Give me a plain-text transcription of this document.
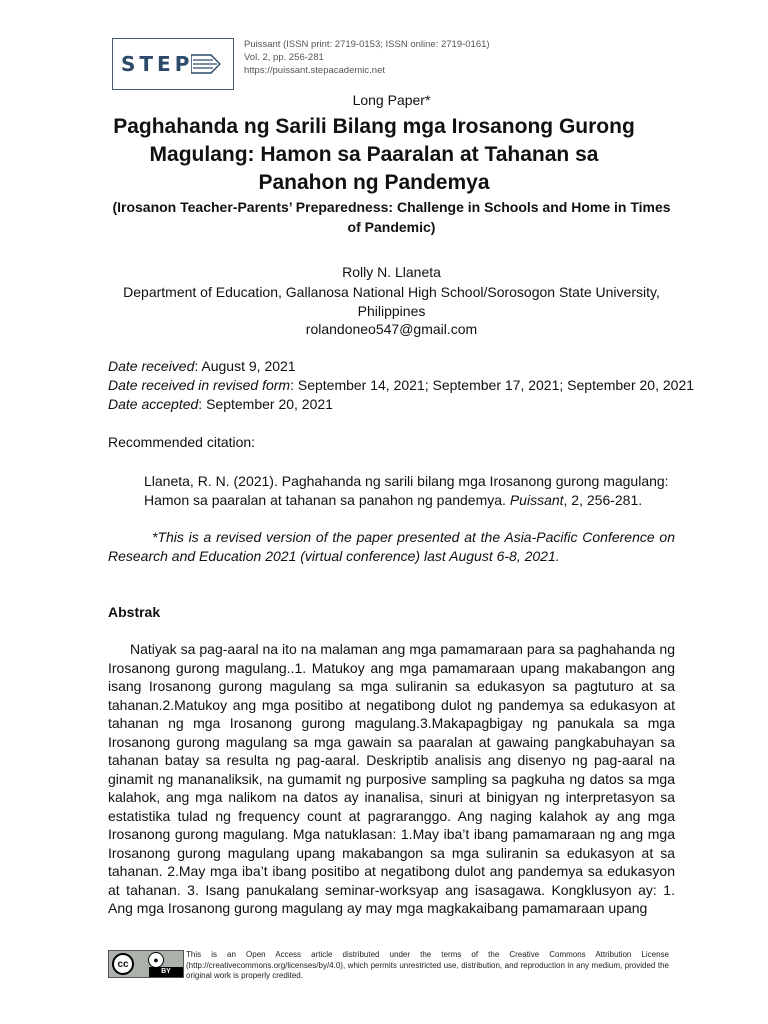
STEP
Puissant (ISSN print: 2719-0153; ISSN online: 2719-0161)
Vol. 2, pp. 256-281
https://puissant.stepacademic.net
Long Paper*
Paghahanda ng Sarili Bilang mga Irosanong Gurong Magulang: Hamon sa Paaralan at Tahanan sa Panahon ng Pandemya
(Irosanon Teacher-Parents’ Preparedness: Challenge in Schools and Home in Times of Pandemic)
Rolly N. Llaneta
Department of Education, Gallanosa National High School/Sorosogon State University, Philippines
rolandoneo547@gmail.com
Date received: August 9, 2021
Date received in revised form: September 14, 2021; September 17, 2021; September 20, 2021
Date accepted: September 20, 2021
Recommended citation:
Llaneta, R. N. (2021). Paghahanda ng sarili bilang mga Irosanong gurong magulang: Hamon sa paaralan at tahanan sa panahon ng pandemya. Puissant, 2, 256-281.
*This is a revised version of the paper presented at the Asia-Pacific Conference on Research and Education 2021 (virtual conference) last August 6-8, 2021.
Abstrak
Natiyak sa pag-aaral na ito na malaman ang mga pamamaraan para sa paghahanda ng Irosanong gurong magulang..1. Matukoy ang mga pamamaraan upang makabangon ang isang Irosanong gurong magulang sa mga suliranin sa edukasyon sa pagtuturo at sa tahanan.2.Matukoy ang mga positibo at negatibong dulot ng pandemya sa edukasyon at tahanan ng mga Irosanong gurong magulang.3.Makapagbigay ng panukala sa mga Irosanong gurong magulang sa mga gawain sa paaralan at gawaing pangkabuhayan sa tahanan batay sa resulta ng pag-aaral. Deskriptib analisis ang disenyo ng pag-aaral na ginamit ng mananaliksik, na gumamit ng purposive sampling sa pagkuha ng datos sa mga kalahok, ang mga nalikom na datos ay inanalisa, sinuri at binigyan ng interpretasyon sa estatistika tulad ng frequency count at pagraranggo. Ang naging kalahok ay ang mga Irosanong gurong magulang. Mga natuklasan: 1.May iba’t ibang pamamaraan ng ang mga Irosanong gurong magulang upang makabangon sa mga suliranin sa edukasyon at sa tahanan. 2.May mga iba’t ibang positibo at negatibong dulot ang pandemya sa edukasyon at tahanan. 3. Isang panukalang seminar-worksyap ang isasagawa. Kongklusyon ay: 1. Ang mga Irosanong gurong magulang ay may mga magkakaibang pamamaraan upang
cc	●
BY
This is an Open Access article distributed under the terms of the Creative Commons Attribution License (http://creativecommons.org/licenses/by/4.0), which permits unrestricted use, distribution, and reproduction in any medium, provided the original work is properly credited.
